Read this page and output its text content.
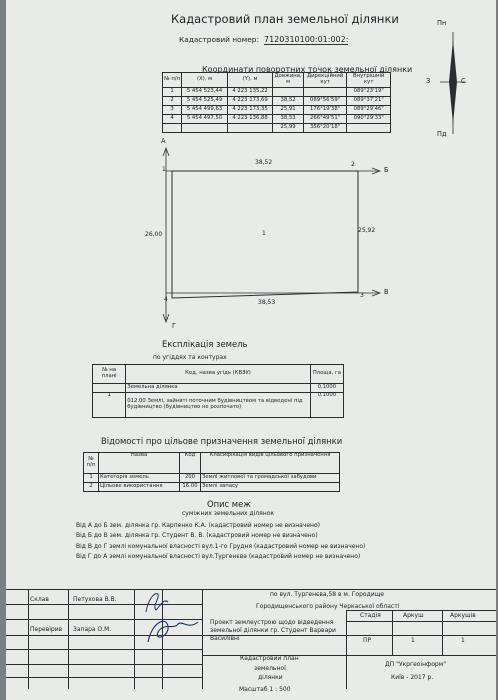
Кадастровий план земельної ділянки
Кадастровий номер: 7120310100:01:002:
Пн
Пд
З	С
Координати поворотних точок земельної ділянки
№ п/п	(X), м	(Y), м	Довжина, м	Дирекційний кут	Внутрішній кут
1	5 454 523,44	4 223 135,22			089°23'19"
2	5 454 525,49	4 223 173,69	38,52	089°56'59"	089°37'21"
3	5 454 499,63	4 223 173,35	25,91	176°19'38"	089°29'46"
4	5 454 497,50	4 223 136,88	38,53	266°49'51"	090°29'33"
			25,99	356°20'18"	
А
Б
В
Г
1
2
3
4
1
38,52
25,92
38,53
26,00
Експлікація земель
по угіддях та контурах
№ на плані	Код, назва угідь (КВЗУ)	Площа, га
	Земельна ділянка	0,1000
1	012.00 Землі, зайняті поточним будівництвом та відведені під будівництво (будівництво не розпочато)	0,1000
Відомості про цільове призначення земельної ділянки
№ п/п	Назва	Код	Класифікація видів цільового призначення
1	Категорія земель	200	Землі житлової та громадської забудови
2	Цільове використання	16.00	Землі запасу
Опис меж
суміжних земельних ділянок
Від А до Б зем. ділянка гр. Карпенко К.А. (кадастровий номер не визначено)
Від Б до В зем. ділянка гр. Студент В. В. (кадастровий номер не визначено)
Від В до Г землі комунальної власності вул.1-го Грудня (кадастровий номер не визначено)
Від Г до А землі комунальної власності вул.Тургенєва (кадастровий номер не визначено)
Склав	Петухова В.В.
Перевірив Запара О.М.
по вул. Тургенєва,58 в м. Городище
Городищенського району Черкаської області
Проект землеустрою щодо відведення земельної ділянки гр. Студент Варвари Василівні
Стадія	Аркуш	Аркушів
ПР	1	1
Кадастровий план
земельної
ділянки
Масштаб 1 : 500
ДП "Укргеоінформ"
Київ - 2017 р.
